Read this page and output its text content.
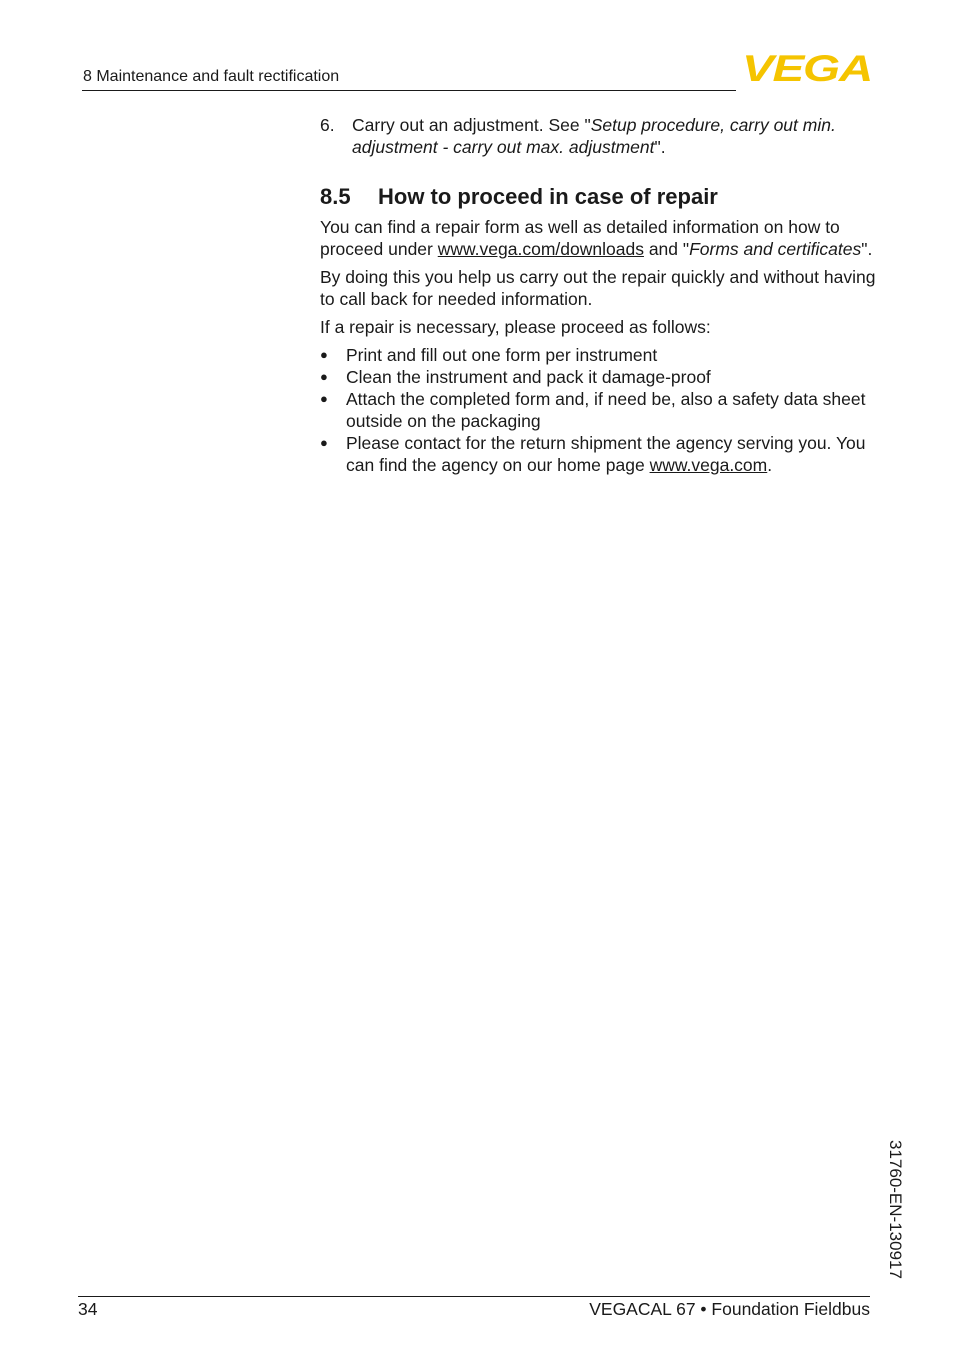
8 Maintenance and fault rectification	VEGA
6. Carry out an adjustment. See "Setup procedure, carry out min. adjustment - carry out max. adjustment".
8.5	How to proceed in case of repair

You can find a repair form as well as detailed information on how to proceed under www.vega.com/downloads and "Forms and certificates".

By doing this you help us carry out the repair quickly and without having to call back for needed information.

If a repair is necessary, please proceed as follows:

●	Print and fill out one form per instrument
●	Clean the instrument and pack it damage-proof
●	Attach the completed form and, if need be, also a safety data sheet outside on the packaging
●	Please contact for the return shipment the agency serving you. You can find the agency on our home page www.vega.com.
31760-EN-130917
34	VEGACAL 67 • Foundation Fieldbus
